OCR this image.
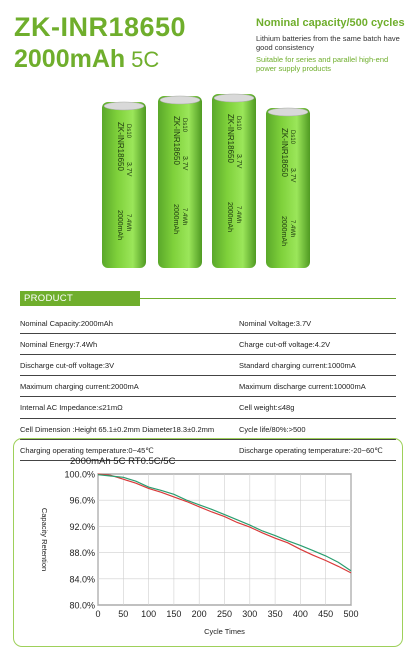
ZK-INR18650
2000mAh 5C
Nominal capacity/500 cycles
Lithium batteries from the same batch have good consistency
Suitable for series and parallel high-end power supply products
ZK-INR18650 Ds10
3.7V
2000mAh 7.4Wh
ZK-INR18650 Ds10
3.7V
2000mAh 7.4Wh
ZK-INR18650 Ds10
3.7V
2000mAh 7.4Wh
ZK-INR18650 Ds10
3.7V
2000mAh 7.4Wh
PRODUCT PARAMETERS
Nominal Capacity:2000mAh	Nominal Voltage:3.7V
Nominal Energy:7.4Wh	Charge cut-off voltage:4.2V
Discharge cut-off voltage:3V	Standard charging current:1000mA
Maximum charging current:2000mA	Maximum discharge current:10000mA
Internal AC Impedance:≤21mΩ	Cell weight:≤48g
Cell Dimension :Height 65.1±0.2mm Diameter18.3±0.2mm	Cycle life/80%:>500
Charging operating temperature:0~45℃	Discharge operating temperature:-20~60℃
2000mAh 5C RT0.5C/5C
80.0%
84.0%
88.0%
92.0%
96.0%
100.0%
0 50 100 150 200 250 300 350 400 450 500
Cycle Times
Capacity Retention
